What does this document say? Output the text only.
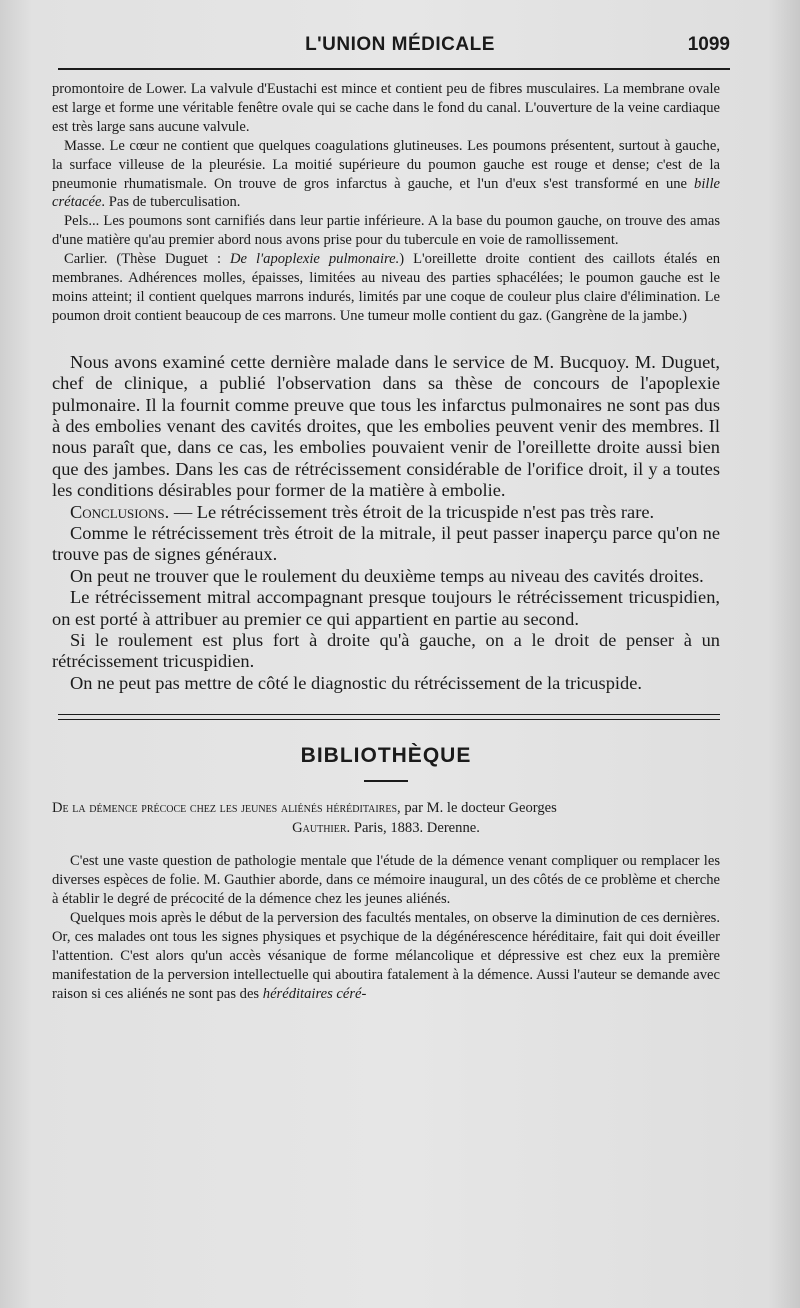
L'UNION MÉDICALE	1099

promontoire de Lower. La valvule d'Eustachi est mince et contient peu de fibres musculaires. La membrane ovale est large et forme une véritable fenêtre ovale qui se cache dans le fond du canal. L'ouverture de la veine cardiaque est très large sans aucune valvule.

Masse. Le cœur ne contient que quelques coagulations glutineuses. Les poumons présentent, surtout à gauche, la surface villeuse de la pleurésie. La moitié supérieure du poumon gauche est rouge et dense; c'est de la pneumonie rhumatismale. On trouve de gros infarctus à gauche, et l'un d'eux s'est transformé en une bille crétacée. Pas de tuberculisation.

Pels... Les poumons sont carnifiés dans leur partie inférieure. A la base du poumon gauche, on trouve des amas d'une matière qu'au premier abord nous avons prise pour du tubercule en voie de ramollissement.

Carlier. (Thèse Duguet : De l'apoplexie pulmonaire.) L'oreillette droite contient des caillots étalés en membranes. Adhérences molles, épaisses, limitées au niveau des parties sphacélées; le poumon gauche est le moins atteint; il contient quelques marrons indurés, limités par une coque de couleur plus claire d'élimination. Le poumon droit contient beaucoup de ces marrons. Une tumeur molle contient du gaz. (Gangrène de la jambe.)

Nous avons examiné cette dernière malade dans le service de M. Bucquoy. M. Duguet, chef de clinique, a publié l'observation dans sa thèse de concours de l'apoplexie pulmonaire. Il la fournit comme preuve que tous les infarctus pulmonaires ne sont pas dus à des embolies venant des cavités droites, que les embolies peuvent venir des membres. Il nous paraît que, dans ce cas, les embolies pouvaient venir de l'oreillette droite aussi bien que des jambes. Dans les cas de rétrécissement considérable de l'orifice droit, il y a toutes les conditions désirables pour former de la matière à embolie.

Conclusions. — Le rétrécissement très étroit de la tricuspide n'est pas très rare.

Comme le rétrécissement très étroit de la mitrale, il peut passer inaperçu parce qu'on ne trouve pas de signes généraux.

On peut ne trouver que le roulement du deuxième temps au niveau des cavités droites.

Le rétrécissement mitral accompagnant presque toujours le rétrécissement tricuspidien, on est porté à attribuer au premier ce qui appartient en partie au second.

Si le roulement est plus fort à droite qu'à gauche, on a le droit de penser à un rétrécissement tricuspidien.

On ne peut pas mettre de côté le diagnostic du rétrécissement de la tricuspide.

BIBLIOTHÈQUE
De la démence précoce chez les jeunes aliénés héréditaires, par M. le docteur Georges
Gauthier. Paris, 1883. Derenne.

C'est une vaste question de pathologie mentale que l'étude de la démence venant compliquer ou remplacer les diverses espèces de folie. M. Gauthier aborde, dans ce mémoire inaugural, un des côtés de ce problème et cherche à établir le degré de précocité de la démence chez les jeunes aliénés.

Quelques mois après le début de la perversion des facultés mentales, on observe la diminution de ces dernières. Or, ces malades ont tous les signes physiques et psychique de la dégénérescence héréditaire, fait qui doit éveiller l'attention. C'est alors qu'un accès vésanique de forme mélancolique et dépressive est chez eux la première manifestation de la perversion intellectuelle qui aboutira fatalement à la démence. Aussi l'auteur se demande avec raison si ces aliénés ne sont pas des héréditaires céré-
